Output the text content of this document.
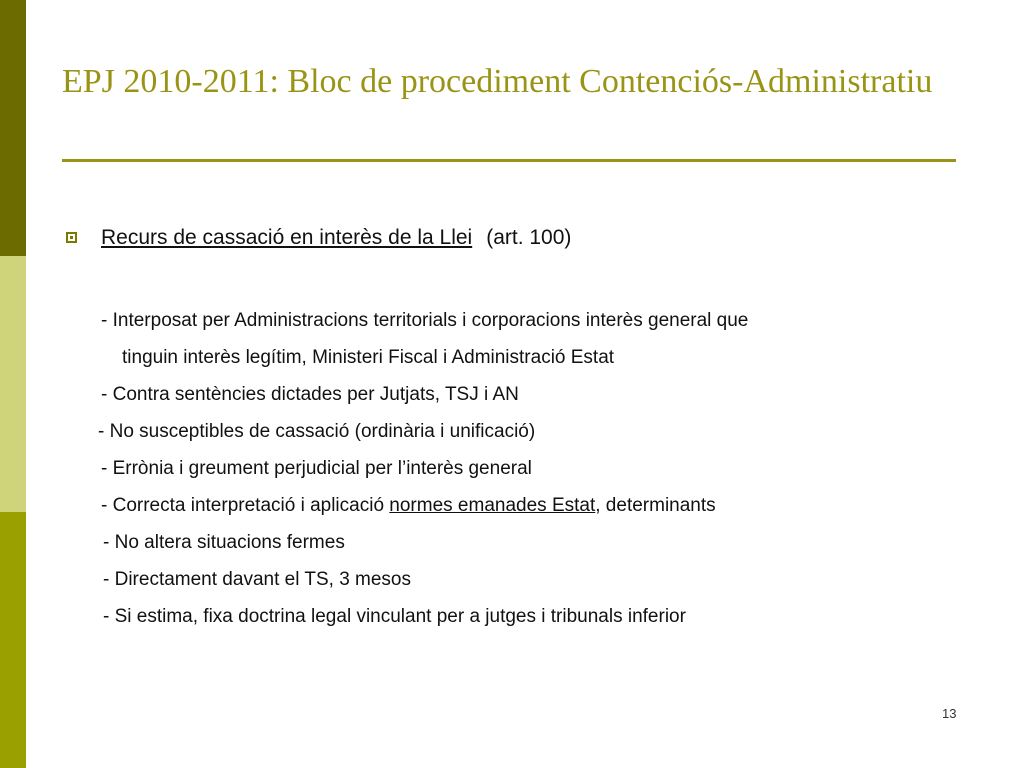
EPJ 2010-2011: Bloc de procediment Contenciós-Administratiu
Recurs de cassació en interès de la Llei (art. 100)
- Interposat per Administracions territorials i corporacions interès general que
tinguin interès legítim, Ministeri Fiscal i Administració Estat
- Contra sentències dictades per Jutjats, TSJ i AN
- No susceptibles de cassació (ordinària i unificació)
- Errònia i greument perjudicial per l’interès general
- Correcta interpretació i aplicació normes emanades Estat, determinants
- No altera situacions fermes
- Directament davant el TS, 3 mesos
- Si estima, fixa doctrina legal vinculant per a jutges i tribunals inferior
13
